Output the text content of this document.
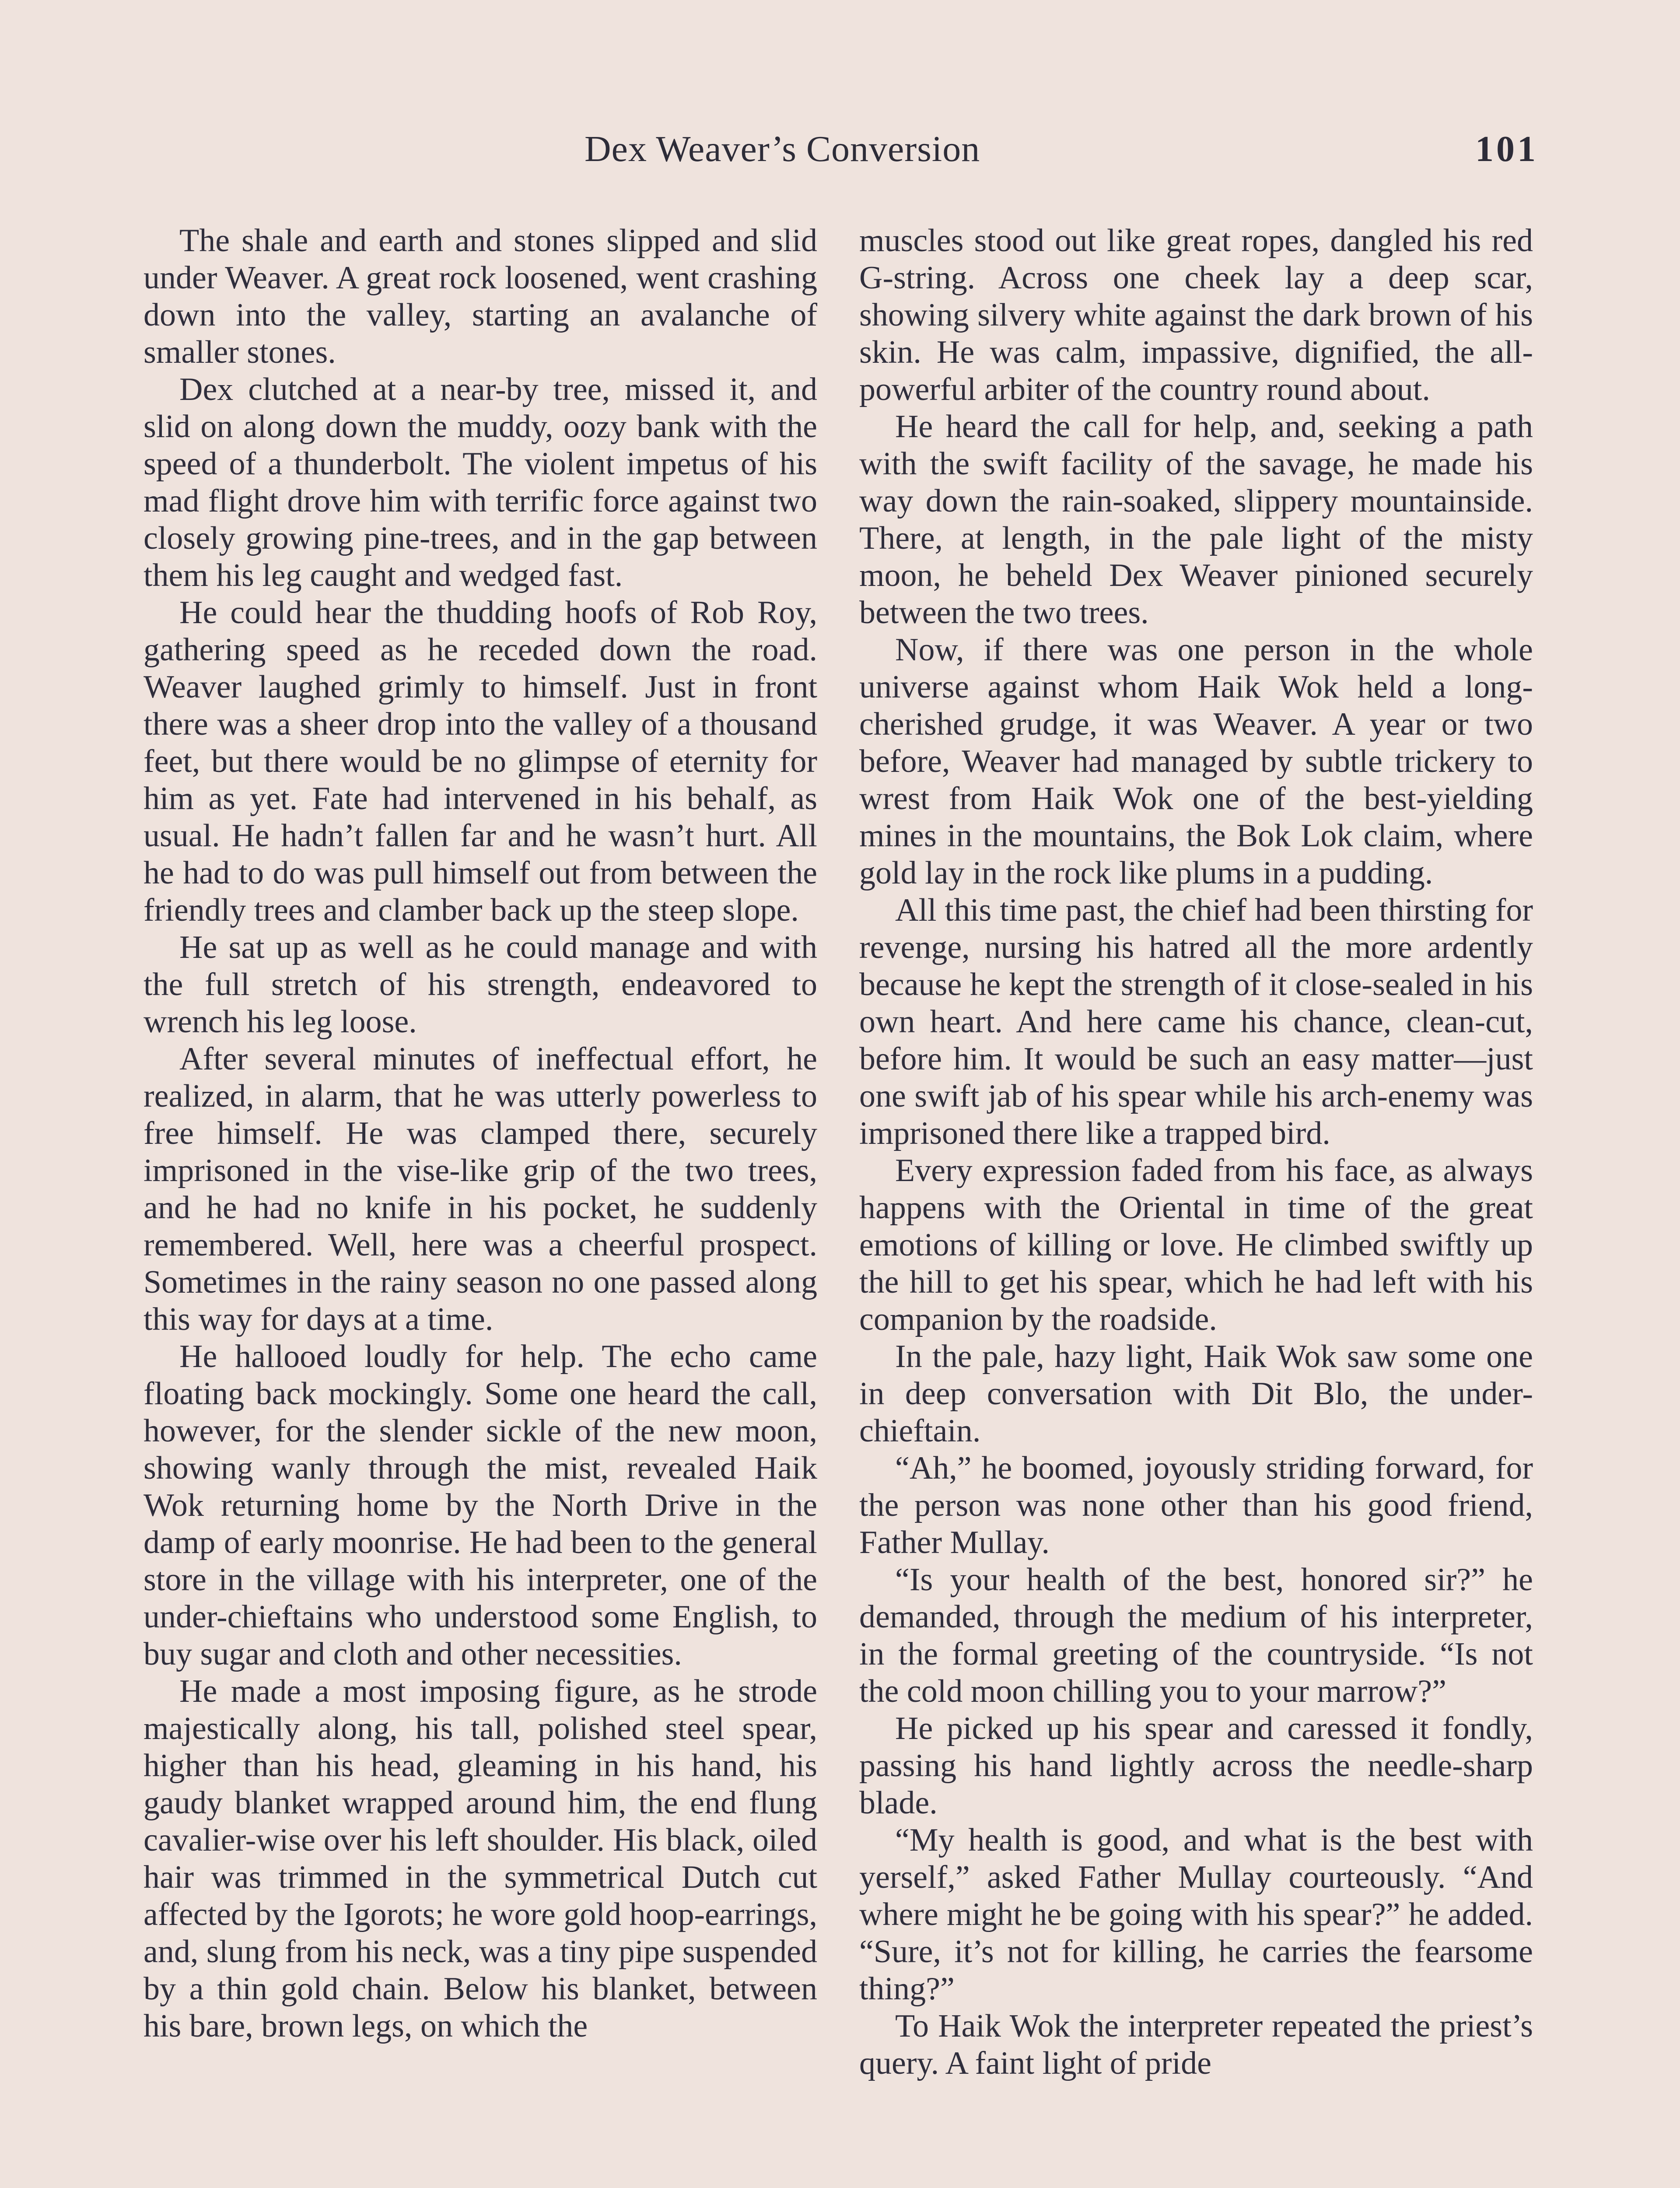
Dex Weaver’s Conversion	101

The shale and earth and stones slipped and slid under Weaver. A great rock loosened, went crashing down into the valley, starting an avalanche of smaller stones.

Dex clutched at a near-by tree, missed it, and slid on along down the muddy, oozy bank with the speed of a thunderbolt. The violent impetus of his mad flight drove him with terrific force against two closely growing pine-trees, and in the gap between them his leg caught and wedged fast.

He could hear the thudding hoofs of Rob Roy, gathering speed as he receded down the road. Weaver laughed grimly to himself. Just in front there was a sheer drop into the valley of a thousand feet, but there would be no glimpse of eternity for him as yet. Fate had intervened in his behalf, as usual. He hadn’t fallen far and he wasn’t hurt. All he had to do was pull himself out from between the friendly trees and clamber back up the steep slope.

He sat up as well as he could manage and with the full stretch of his strength, endeavored to wrench his leg loose.

After several minutes of ineffectual effort, he realized, in alarm, that he was utterly powerless to free himself. He was clamped there, securely imprisoned in the vise-like grip of the two trees, and he had no knife in his pocket, he suddenly remembered. Well, here was a cheerful prospect. Sometimes in the rainy season no one passed along this way for days at a time.

He hallooed loudly for help. The echo came floating back mockingly. Some one heard the call, however, for the slender sickle of the new moon, showing wanly through the mist, revealed Haik Wok returning home by the North Drive in the damp of early moonrise. He had been to the general store in the village with his interpreter, one of the under-chieftains who understood some English, to buy sugar and cloth and other necessities.

He made a most imposing figure, as he strode majestically along, his tall, polished steel spear, higher than his head, gleaming in his hand, his gaudy blanket wrapped around him, the end flung cavalier-wise over his left shoulder. His black, oiled hair was trimmed in the symmetrical Dutch cut affected by the Igorots; he wore gold hoop-earrings, and, slung from his neck, was a tiny pipe suspended by a thin gold chain. Below his blanket, between his bare, brown legs, on which the

muscles stood out like great ropes, dangled his red G-string. Across one cheek lay a deep scar, showing silvery white against the dark brown of his skin. He was calm, impassive, dignified, the all-powerful arbiter of the country round about.

He heard the call for help, and, seeking a path with the swift facility of the savage, he made his way down the rain-soaked, slippery mountainside. There, at length, in the pale light of the misty moon, he beheld Dex Weaver pinioned securely between the two trees.

Now, if there was one person in the whole universe against whom Haik Wok held a long-cherished grudge, it was Weaver. A year or two before, Weaver had managed by subtle trickery to wrest from Haik Wok one of the best-yielding mines in the mountains, the Bok Lok claim, where gold lay in the rock like plums in a pudding.

All this time past, the chief had been thirsting for revenge, nursing his hatred all the more ardently because he kept the strength of it close-sealed in his own heart. And here came his chance, clean-cut, before him. It would be such an easy matter—just one swift jab of his spear while his arch-enemy was imprisoned there like a trapped bird.

Every expression faded from his face, as always happens with the Oriental in time of the great emotions of killing or love. He climbed swiftly up the hill to get his spear, which he had left with his companion by the roadside.

In the pale, hazy light, Haik Wok saw some one in deep conversation with Dit Blo, the under-chieftain.

“Ah,” he boomed, joyously striding forward, for the person was none other than his good friend, Father Mullay.

“Is your health of the best, honored sir?” he demanded, through the medium of his interpreter, in the formal greeting of the countryside. “Is not the cold moon chilling you to your marrow?”

He picked up his spear and caressed it fondly, passing his hand lightly across the needle-sharp blade.

“My health is good, and what is the best with yerself,” asked Father Mullay courteously. “And where might he be going with his spear?” he added. “Sure, it’s not for killing, he carries the fearsome thing?”

To Haik Wok the interpreter repeated the priest’s query. A faint light of pride
